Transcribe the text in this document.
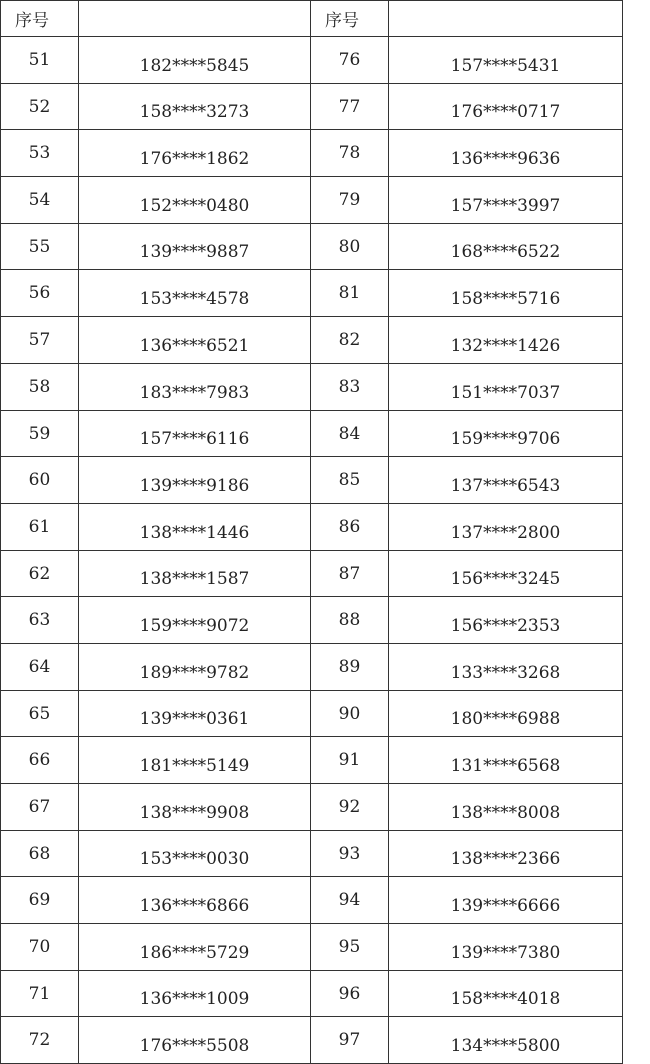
序号		序号	
51	182****5845	76	157****5431
52	158****3273	77	176****0717
53	176****1862	78	136****9636
54	152****0480	79	157****3997
55	139****9887	80	168****6522
56	153****4578	81	158****5716
57	136****6521	82	132****1426
58	183****7983	83	151****7037
59	157****6116	84	159****9706
60	139****9186	85	137****6543
61	138****1446	86	137****2800
62	138****1587	87	156****3245
63	159****9072	88	156****2353
64	189****9782	89	133****3268
65	139****0361	90	180****6988
66	181****5149	91	131****6568
67	138****9908	92	138****8008
68	153****0030	93	138****2366
69	136****6866	94	139****6666
70	186****5729	95	139****7380
71	136****1009	96	158****4018
72	176****5508	97	134****5800
